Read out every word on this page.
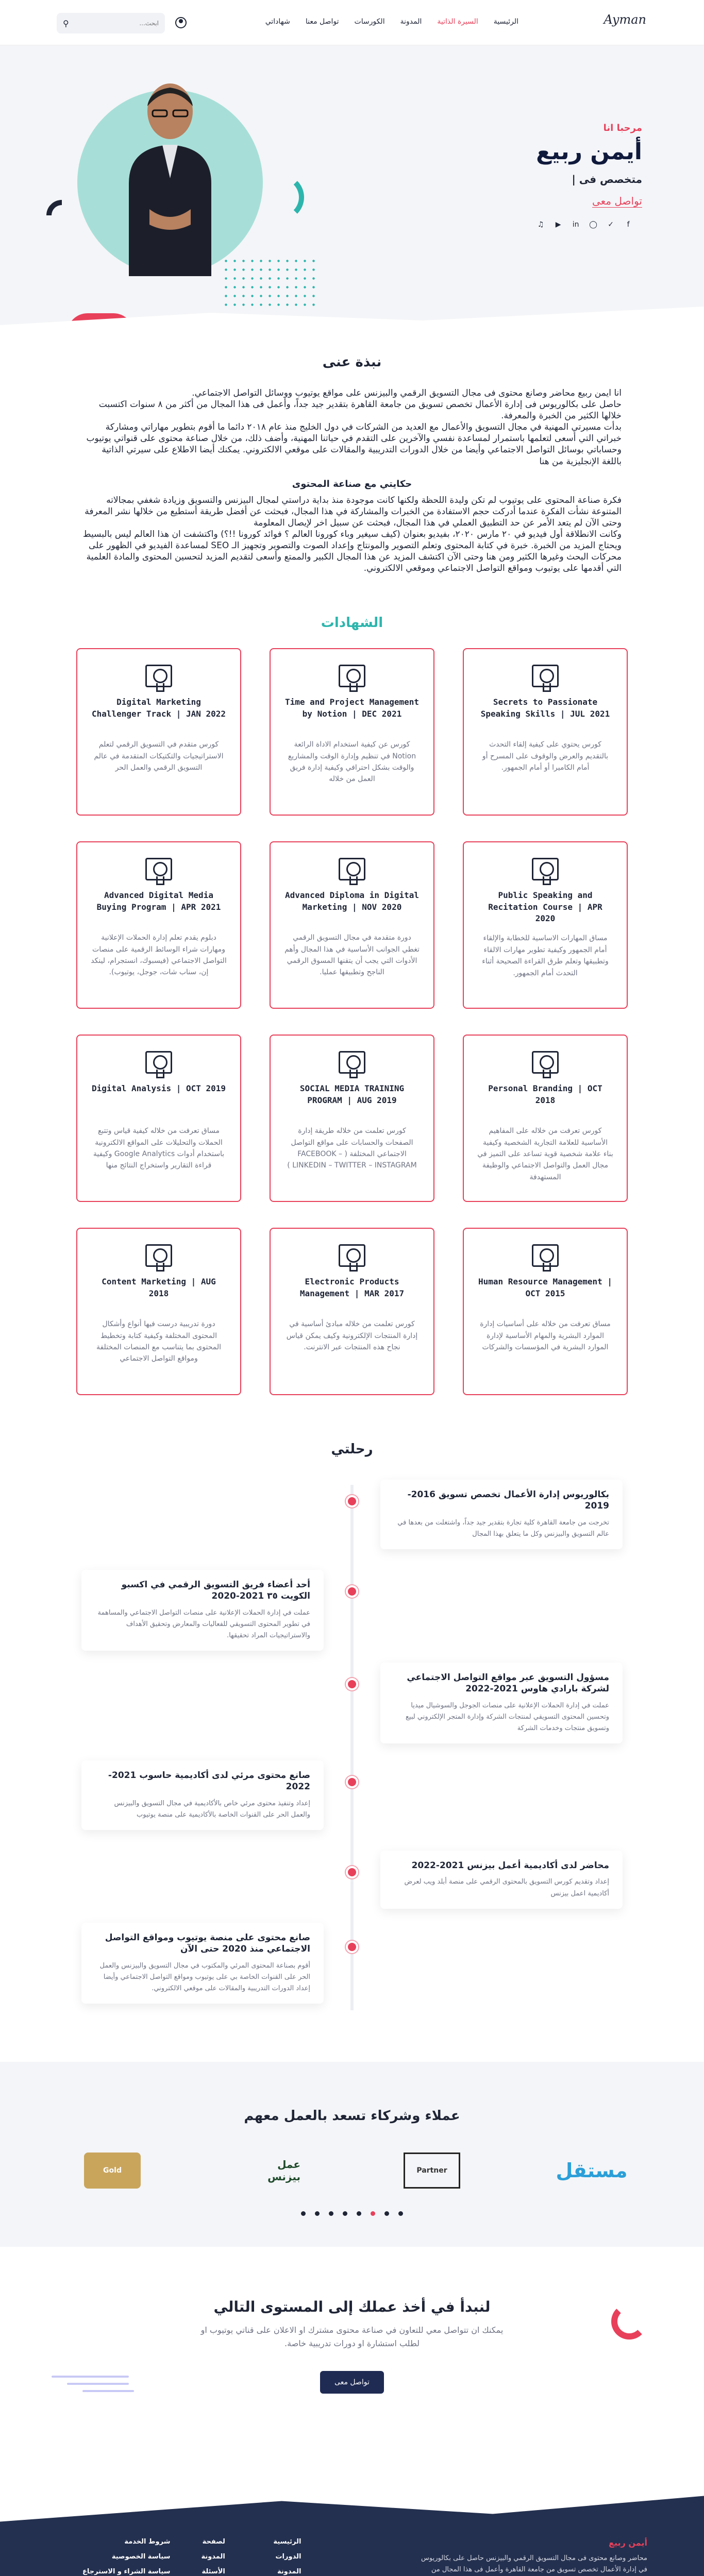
Ayman
الرئيسية
السيرة الذاتية
المدونة
الكورسات
تواصل معنا
شهاداتي
ابحث...
⚲
مرحبا انا
أيمن ربيع
متخصص فى |
تواصل معى
f
✓
◯
in
▶
♫
نبذة عنى

انا ايمن ربيع محاضر وصانع محتوى فى مجال التسويق الرقمي والبيزنس على مواقع يوتيوب ووسائل التواصل الاجتماعي.

حاصل على بكالوريوس فى إدارة الأعمال تخصص تسويق من جامعة القاهرة بتقدير جيد جداً، وأعمل فى هذا المجال من أكثر من ٨ سنوات اكتسبت خلالها الكثير من الخبرة والمعرفة.

بدأت مسيرتي المهنية في مجال التسويق والأعمال مع العديد من الشركات في دول الخليج منذ عام ٢٠١٨ دائما ما أقوم بتطوير مهاراتي ومشاركة خبراتي التي أسعى لتعلمها باستمرار لمساعدة نفسي والآخرين على التقدم في حياتنا المهنية، وأضف ذلك، من خلال صناعة محتوى على قنواتي يوتيوب وحساباتي بوسائل التواصل الاجتماعي وأيضا من خلال الدورات التدريبية والمقالات على موقعي الالكتروني. يمكنك أيضا الاطلاع على سيرتي الذاتية باللغة الإنجليزية من هنا

حكايتي مع صناعة المحتوى

فكرة صناعة المحتوى على يوتيوب لم تكن وليدة اللحظة ولكنها كانت موجودة منذ بداية دراستي لمجال البيزنس والتسويق وزيادة شغفي بمجالاته المتنوعة نشأت الفكرة عندما أدركت حجم الاستفادة من الخبرات والمشاركة في هذا المجال، فبحثت عن أفضل طريقة أستطيع من خلالها نشر المعرفة وحتى الآن لم يتعد الأمر عن حد التطبيق العملي في هذا المجال، فبحثت عن سبيل اخر لإيصال المعلومة

وكانت الانطلاقة أول فيديو في ٢٠ مارس ٢٠٢٠، بفيديو بعنوان (كيف سيغير وباء كورونا العالم ؟ فوائد كورونا !!؟) واكتشفت ان هذا العالم ليس بالبسيط ويحتاج المزيد من الخبرة. خبرة في كتابة المحتوى وتعلم التصوير والمونتاج وإعداد الصوت والتصوير وتجهيز الـ SEO لمساعدة الفيديو في الظهور على محركات البحث وغيرها الكثير ومن هنا وحتى الآن اكتشف المزيد عن هذا المجال الكبير والممتع وأسعى لتقديم المزيد لتحسين المحتوى والمادة العلمية التي أقدمها على يوتيوب ومواقع التواصل الاجتماعي وموقعي الالكتروني.

الشهادات
Secrets to Passionate Speaking Skills | JUL 2021
كورس يحتوي على كيفية إلقاء التحدث بالتقديم والعرض والوقوف على المسرح أو أمام الكاميرا أو أمام الجمهور.
Time and Project Management by Notion | DEC 2021
كورس عن كيفية استخدام الاداة الرائعة Notion في تنظيم وإدارة الوقت والمشاريع والوقت بشكل احترافي وكيفية إدارة فريق العمل من خلاله
Digital Marketing Challenger Track | JAN 2022
كورس متقدم في التسويق الرقمي لتعلم الاستراتيجيات والتكتيكات المتقدمة في عالم التسويق الرقمي والعمل الحر
Public Speaking and Recitation Course | APR 2020
مساق المهارات الاساسية للخطابة والإلقاء أمام الجمهور وكيفية تطوير مهارات الالقاء وتطبيقها وتعلم طرق القراءة الصحيحة أثناء التحدث أمام الجمهور.
Advanced Diploma in Digital Marketing | NOV 2020
دورة متقدمة في مجال التسويق الرقمي تغطي الجوانب الأساسية في هذا المجال وأهم الأدوات التي يجب أن يتقنها المسوق الرقمي الناجح وتطبيقها عمليا.
Advanced Digital Media Buying Program | APR 2021
دبلوم يقدم تعلم إدارة الحملات الإعلانية ومهارات شراء الوسائط الرقمية على منصات التواصل الاجتماعي (فيسبوك، انستجرام، لينكد إن، سناب شات، جوجل، يوتيوب).
Personal Branding | OCT 2018
كورس تعرفت من خلاله على المفاهيم الأساسية للعلامة التجارية الشخصية وكيفية بناء علامة شخصية قوية تساعد على التميز في مجال العمل والتواصل الاجتماعي والوظيفة المستهدفة
SOCIAL MEDIA TRAINING PROGRAM | AUG 2019
كورس تعلمت من خلاله طريقة إدارة الصفحات والحسابات على مواقع التواصل الاجتماعي المختلفة ( FACEBOOK – LINKEDIN – TWITTER – INSTAGRAM )
Digital Analysis | OCT 2019
مساق تعرفت من خلاله كيفية قياس وتتبع الحملات والتحليلات على المواقع الالكترونية باستخدام أدوات Google Analytics وكيفية قراءة التقارير واستخراج النتائج منها
Human Resource Management | OCT 2015
مساق تعرفت من خلاله على أساسيات إدارة الموارد البشرية والمهام الأساسية لإدارة الموارد البشرية في المؤسسات والشركات
Electronic Products Management | MAR 2017
كورس تعلمت من خلاله مبادئ أساسية في إدارة المنتجات الإلكترونية وكيف يمكن قياس نجاح هذه المنتجات عبر الانترنت.
Content Marketing | AUG 2018
دورة تدريبية درست فيها أنواع وأشكال المحتوى المختلفة وكيفية كتابة وتخطيط المحتوى بما يتناسب مع المنصات المختلفة ومواقع التواصل الاجتماعي
رحلتي
بكالوريوس إدارة الأعمال تخصص تسويق 2016-2019
تخرجت من جامعة القاهرة كلية تجارة بتقدير جيد جداً، واشتغلت من بعدها في عالم التسويق والبيزنس وكل ما يتعلق بهذا المجال
أحد أعضاء فريق التسويق الرقمي في اكسبو الكويت ٣٥ 2021-2020
عملت في إدارة الحملات الإعلانية على منصات التواصل الاجتماعي والمساهمة في تطوير المحتوى التسويقي للفعاليات والمعارض وتحقيق الأهداف والاستراتيجيات المراد تحقيقها.
مسؤول التسويق عبر مواقع التواصل الاجتماعي لشركة بارادي هاوس 2021-2022
عملت في إدارة الحملات الإعلانية على منصات الجوجل والسوشيال ميديا وتحسين المحتوى التسويقي لمنتجات الشركة وإدارة المتجر الإلكتروني لبيع وتسويق منتجات وخدمات الشركة
صانع محتوى مرئي لدى أكاديمية حاسوب 2021-2022
إعداد وتنفيذ محتوى مرئي خاص بالأكاديمية في مجال التسويق والبيزنس والعمل الحر على القنوات الخاصة بالأكاديمية على منصة يوتيوب
محاضر لدى أكاديمية أعمل بيزنس 2021-2022
إعداد وتقديم كورس التسويق بالمحتوى الرقمي على منصة أبلد ويب لعرض أكاديمية اعمل بيزنس
صانع محتوى على منصة يوتيوب ومواقع التواصل الاجتماعي منذ 2020 حتى الآن
أقوم بصناعة المحتوى المرئي والمكتوب في مجال التسويق والبيزنس والعمل الحر على القنوات الخاصة بي على يوتيوب ومواقع التواصل الاجتماعي وأيضا إعداد الدورات التدريبية والمقالات على موقعي الالكتروني.
عملاء وشركاء تسعد بالعمل معهم
مستقل
Partner
عمل بيزنس
Gold
لنبدأ في أخذ عملك إلى المستوى التالي

يمكنك ان تتواصل معي للتعاون في صناعة محتوى مشترك او الاعلان على قناتي يوتيوب او لطلب استشارة او دورات تدريبية خاصة.

تواصل معى
أيمن ربيع

محاضر وصانع محتوى فى مجال التسويق الرقمي والبيزنس حاصل على بكالوريوس في إدارة الأعمال تخصص تسويق من جامعة القاهرة وأعمل فى هذا المجال من

الرئيسية
الدورات
المدونة
لصفحة
المدونة
الأسئلة
شروط الخدمة
سياسة الخصوصية
سياسة الشراء و الاسترجاع
